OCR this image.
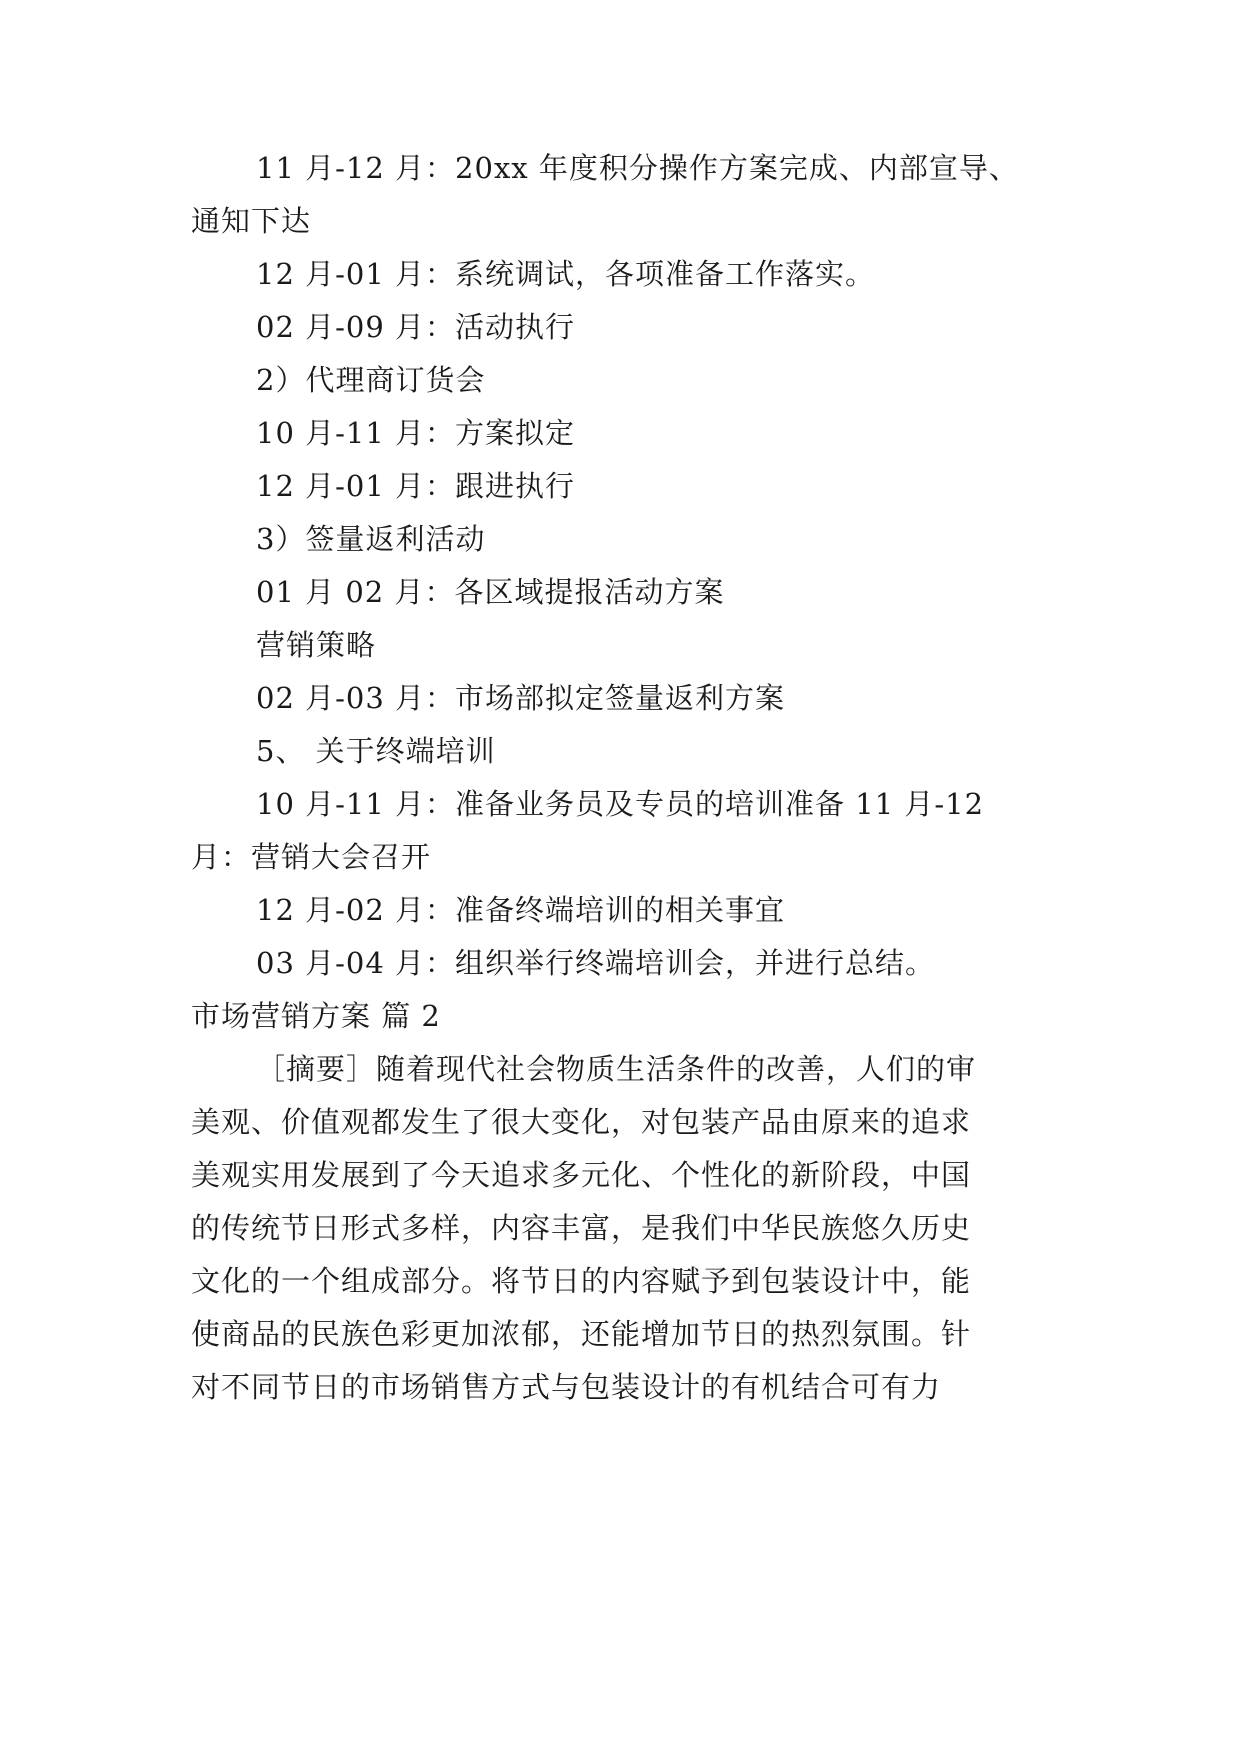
11 月-12 月：20xx 年度积分操作方案完成、内部宣导、
通知下达
12 月-01 月：系统调试，各项准备工作落实。
02 月-09 月：活动执行
2）代理商订货会
10 月-11 月：方案拟定
12 月-01 月：跟进执行
3）签量返利活动
01 月 02 月：各区域提报活动方案
营销策略
02 月-03 月：市场部拟定签量返利方案
5、 关于终端培训
10 月-11 月：准备业务员及专员的培训准备 11 月-12
月：营销大会召开
12 月-02 月：准备终端培训的相关事宜
03 月-04 月：组织举行终端培训会，并进行总结。
市场营销方案 篇 2
［摘要］随着现代社会物质生活条件的改善，人们的审
美观、价值观都发生了很大变化，对包装产品由原来的追求
美观实用发展到了今天追求多元化、个性化的新阶段，中国
的传统节日形式多样，内容丰富，是我们中华民族悠久历史
文化的一个组成部分。将节日的内容赋予到包装设计中，能
使商品的民族色彩更加浓郁，还能增加节日的热烈氛围。针
对不同节日的市场销售方式与包装设计的有机结合可有力
